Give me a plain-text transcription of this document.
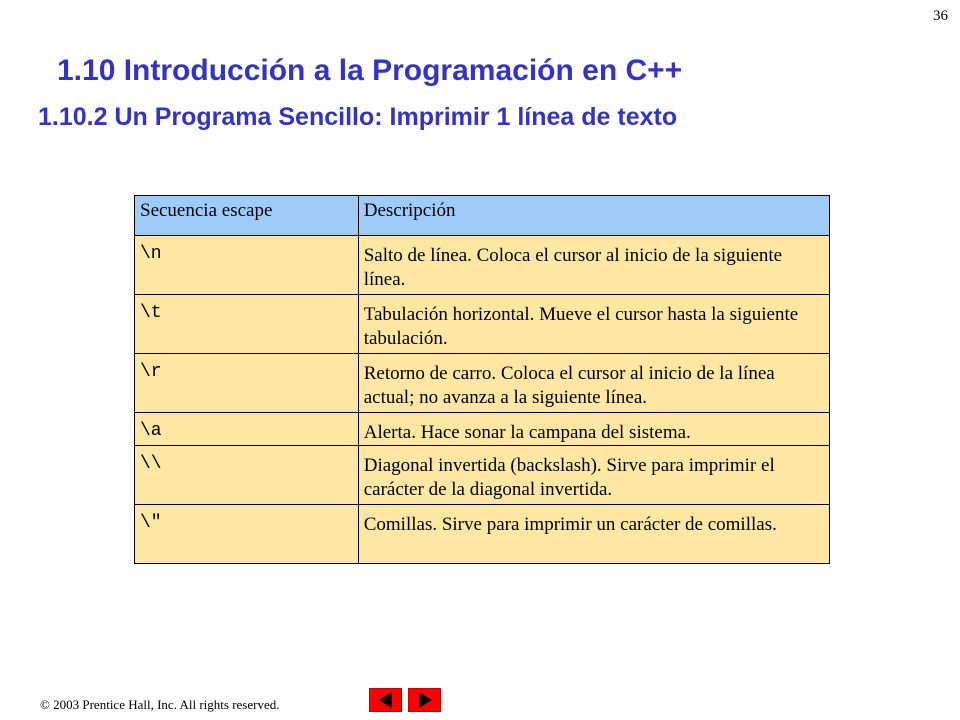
36
1.10 Introducción a la Programación en C++
1.10.2 Un Programa Sencillo: Imprimir 1 línea de texto
Secuencia escape	Descripción
\n	Salto de línea. Coloca el cursor al inicio de la siguiente línea.
\t	Tabulación horizontal. Mueve el cursor hasta la siguiente tabulación.
\r	Retorno de carro. Coloca el cursor al inicio de la línea actual; no avanza a la siguiente línea.
\a	Alerta. Hace sonar la campana del sistema.
\\	Diagonal invertida (backslash). Sirve para imprimir el carácter de la diagonal invertida.
\"	Comillas. Sirve para imprimir un carácter de comillas.
© 2003 Prentice Hall, Inc. All rights reserved.
